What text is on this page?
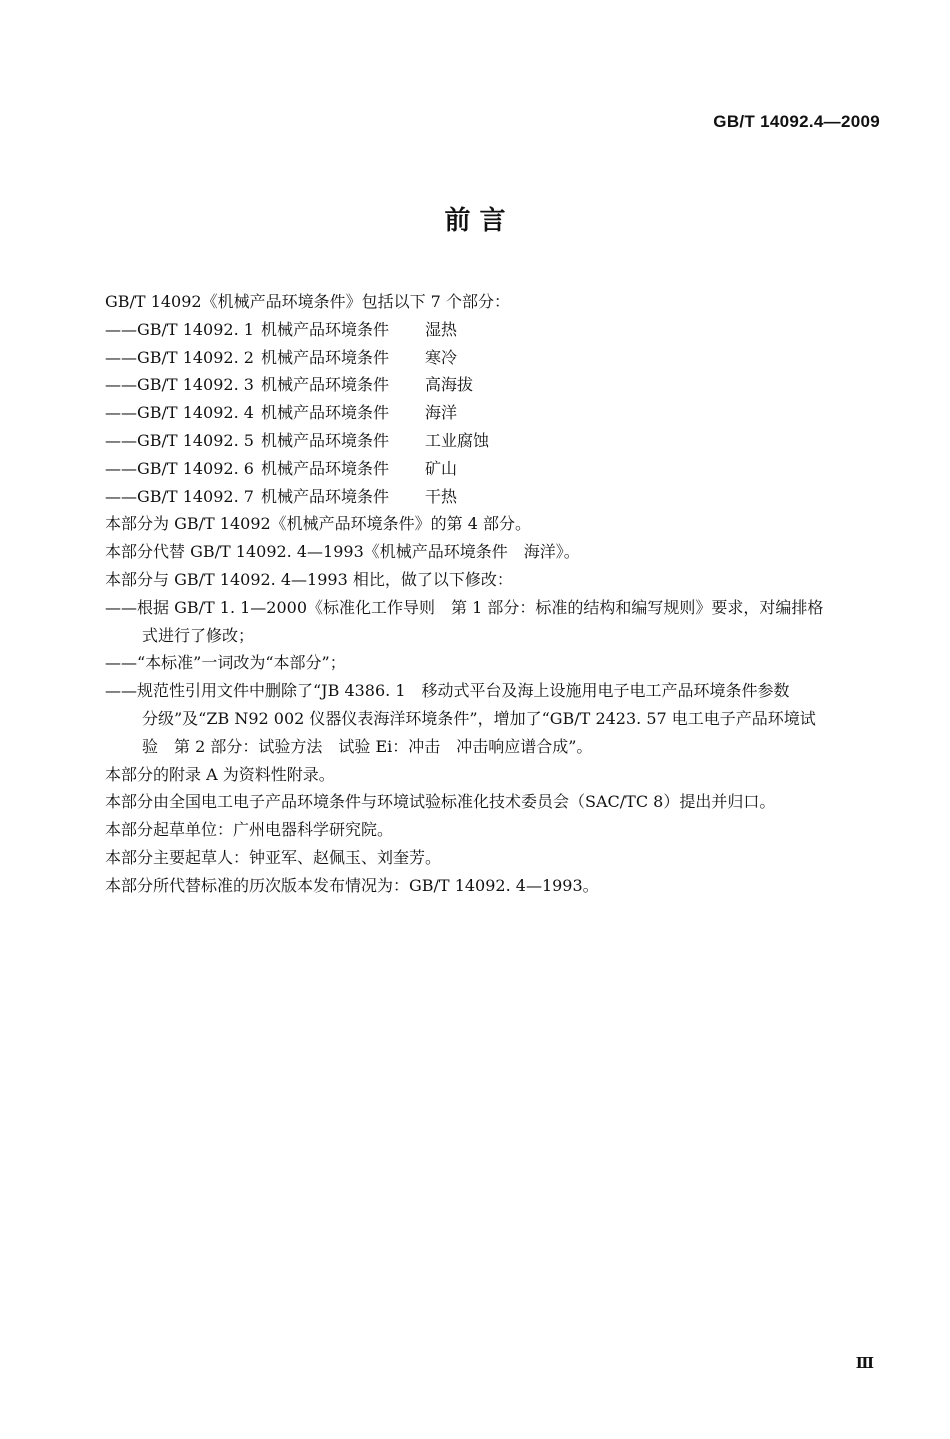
GB/T 14092.4—2009
前 言
GB/T 14092《机械产品环境条件》包括以下 7 个部分：
——GB/T 14092. 1 机械产品环境条件 湿热
——GB/T 14092. 2 机械产品环境条件 寒冷
——GB/T 14092. 3 机械产品环境条件 高海拔
——GB/T 14092. 4 机械产品环境条件 海洋
——GB/T 14092. 5 机械产品环境条件 工业腐蚀
——GB/T 14092. 6 机械产品环境条件 矿山
——GB/T 14092. 7 机械产品环境条件 干热
本部分为 GB/T 14092《机械产品环境条件》的第 4 部分。
本部分代替 GB/T 14092. 4—1993《机械产品环境条件　海洋》。
本部分与 GB/T 14092. 4—1993 相比，做了以下修改：
——根据 GB/T 1. 1—2000《标准化工作导则　第 1 部分：标准的结构和编写规则》要求，对编排格
式进行了修改；
——“本标准”一词改为“本部分”；
——规范性引用文件中删除了“JB 4386. 1　移动式平台及海上设施用电子电工产品环境条件参数
分级”及“ZB N92 002 仪器仪表海洋环境条件”，增加了“GB/T 2423. 57 电工电子产品环境试
验　第 2 部分：试验方法　试验 Ei：冲击　冲击响应谱合成”。
本部分的附录 A 为资料性附录。
本部分由全国电工电子产品环境条件与环境试验标准化技术委员会（SAC/TC 8）提出并归口。
本部分起草单位：广州电器科学研究院。
本部分主要起草人：钟亚军、赵佩玉、刘奎芳。
本部分所代替标准的历次版本发布情况为：GB/T 14092. 4—1993。
Ⅲ
